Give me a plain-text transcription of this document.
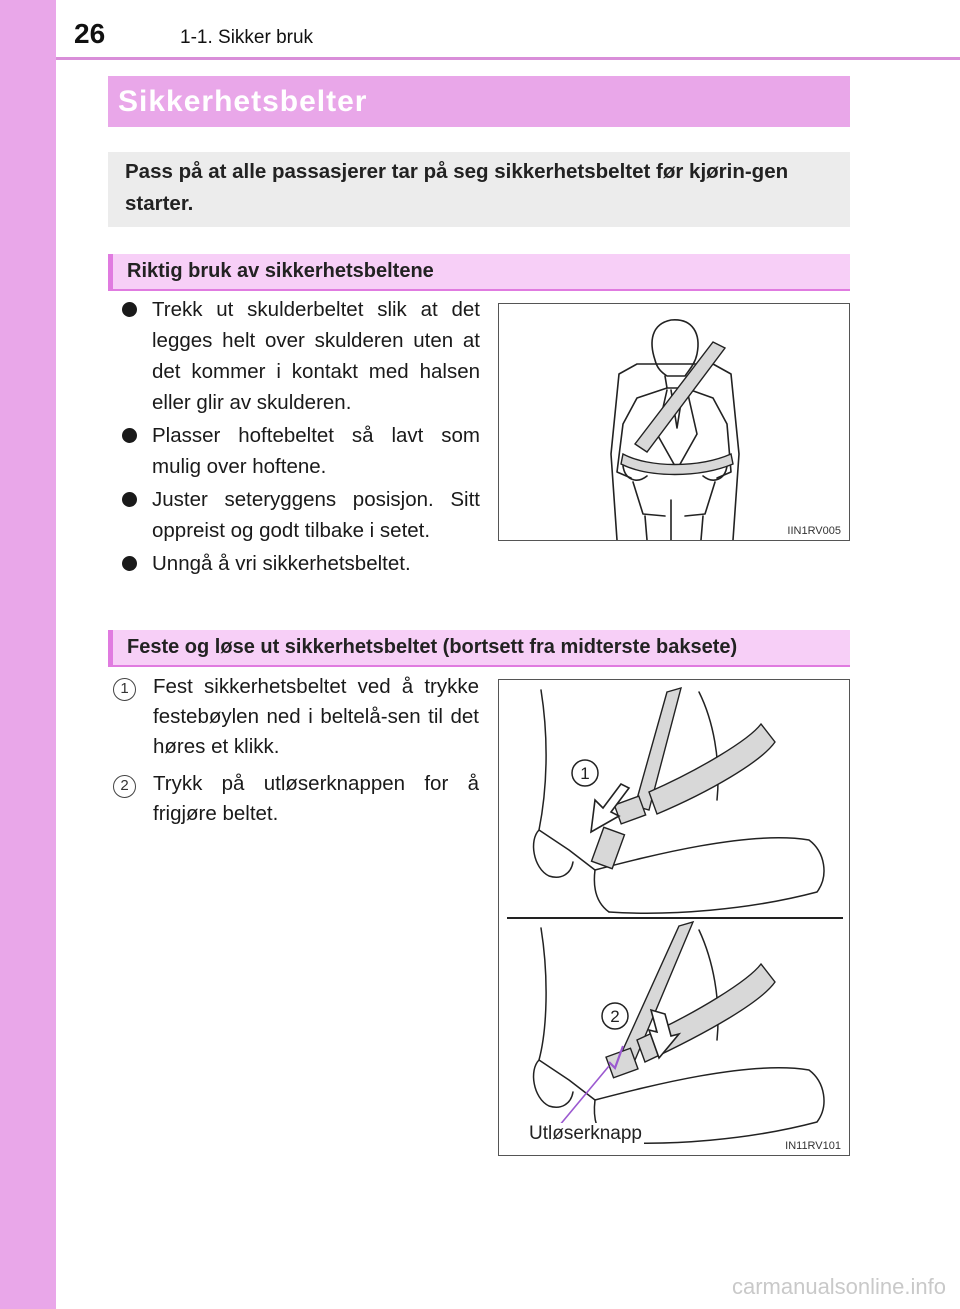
26	1-1. Sikker bruk
Sikkerhetsbelter
Pass på at alle passasjerer tar på seg sikkerhetsbeltet før kjørin-gen starter.
Riktig bruk av sikkerhetsbeltene
Trekk ut skulderbeltet slik at det legges helt over skulderen uten at det kommer i kontakt med halsen eller glir av skulderen.
Plasser hoftebeltet så lavt som mulig over hoftene.
Juster seteryggens posisjon. Sitt oppreist og godt tilbake i setet.
Unngå å vri sikkerhetsbeltet.
IIN1RV005
Feste og løse ut sikkerhetsbeltet (bortsett fra midterste baksete)
1	Fest sikkerhetsbeltet ved å trykke festebøylen ned i beltelå-sen til det høres et klikk.
2	Trykk på utløserknappen for å frigjøre beltet.
1
2
Utløserknapp
IN11RV101
carmanualsonline.info
